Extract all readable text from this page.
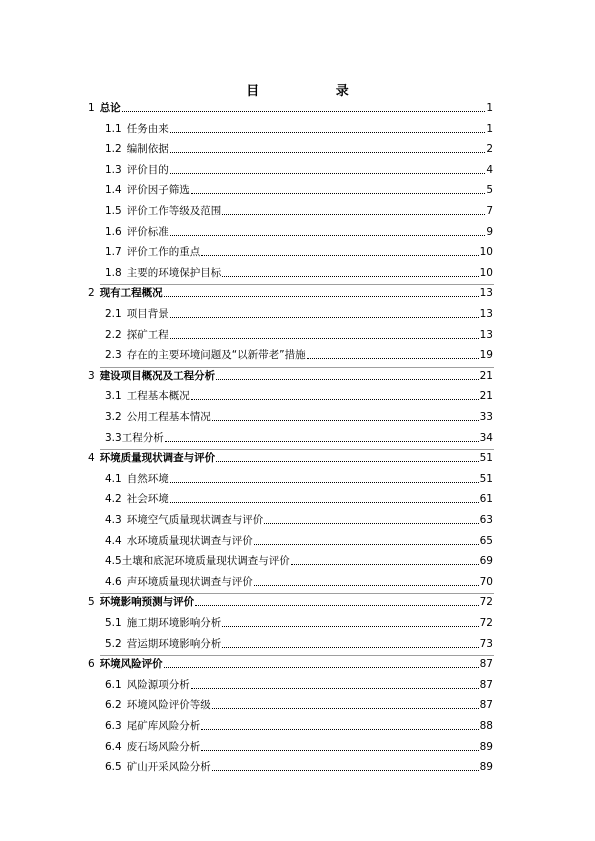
目 录
1 总论	1
1.1 任务由来	1
1.2 编制依据	2
1.3 评价目的	4
1.4 评价因子筛选	5
1.5 评价工作等级及范围	7
1.6 评价标准	9
1.7 评价工作的重点	10
1.8 主要的环境保护目标	10
2 现有工程概况	13
2.1 项目背景	13
2.2 探矿工程	13
2.3 存在的主要环境问题及“以新带老”措施	19
3 建设项目概况及工程分析	21
3.1 工程基本概况	21
3.2 公用工程基本情况	33
3.3工程分析	34
4 环境质量现状调查与评价	51
4.1 自然环境	51
4.2 社会环境	61
4.3 环境空气质量现状调查与评价	63
4.4 水环境质量现状调查与评价	65
4.5土壤和底泥环境质量现状调查与评价	69
4.6 声环境质量现状调查与评价	70
5 环境影响预测与评价	72
5.1 施工期环境影响分析	72
5.2 营运期环境影响分析	73
6 环境风险评价	87
6.1 风险源项分析	87
6.2 环境风险评价等级	87
6.3 尾矿库风险分析	88
6.4 废石场风险分析	89
6.5 矿山开采风险分析	89
